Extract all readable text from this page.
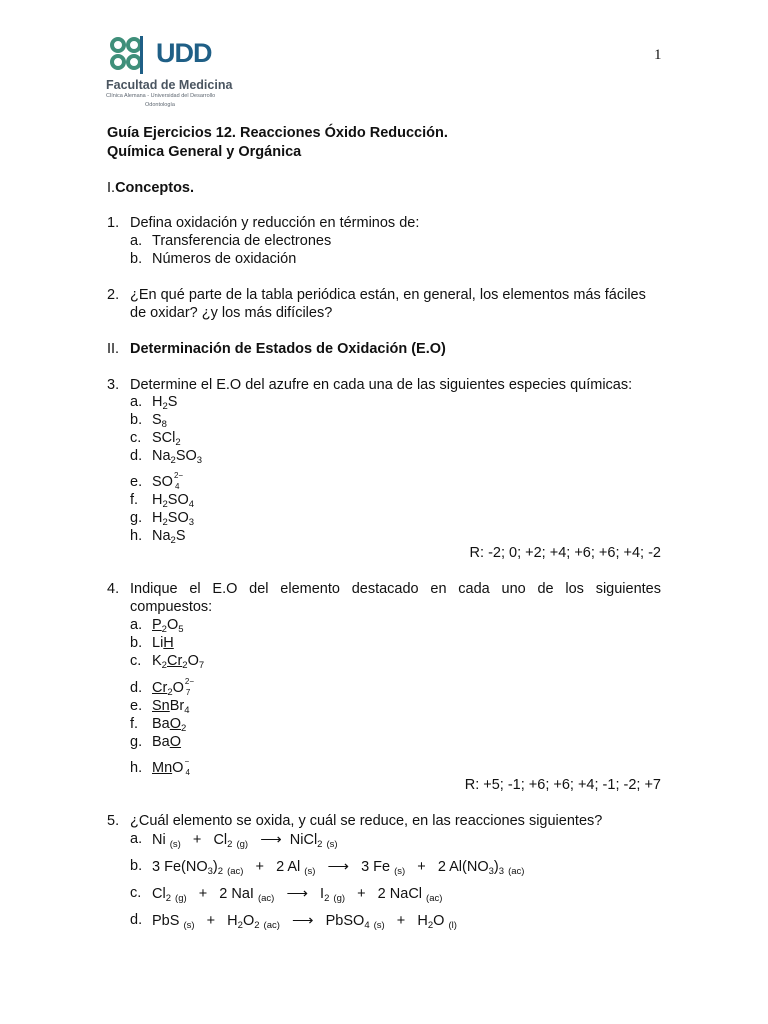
UDD
Facultad de Medicina
Clínica Alemana - Universidad del Desarrollo
Odontología
1
Guía Ejercicios 12. Reacciones Óxido Reducción.
Química General y Orgánica
I.Conceptos.
1. Defina oxidación y reducción en términos de:
a. Transferencia de electrones
b. Números de oxidación
2. ¿En qué parte de la tabla periódica están, en general, los elementos más fáciles
de oxidar? ¿y los más difíciles?
II. Determinación de Estados de Oxidación (E.O)
3. Determine el E.O del azufre en cada una de las siguientes especies químicas:
a. $H_2S$
b. $S_8$
c. SCl$_2$
d. $Na_2SO_3$
e. SO 2−
4
f. $H_2SO_4$
g. $H_2SO_3$
h. $Na_2S$
R: -2; 0; +2; +4; +6; +6; +4; -2
4. Indique el E.O del elemento destacado en cada uno de los siguientes
compuestos:
a. $P_2O_5$
b. LiH
c. $K_2Cr_2O_7$
d. $Cr_2O$ 2−
7
e. SnBr$_4$
f. BaO$_2$
g. BaO
h. MnO −
4
R: +5; -1; +6; +6; +4; -1; -2; +7
5. ¿Cuál elemento se oxida, y cuál se reduce, en las reacciones siguientes?
a. Ni $_{(s)} + Cl_2$ $_{(g)}$ ⟶  NiCl$_2$ $_{(s)}$
b. 3 $Fe(NO_3)_2$ $_{(ac)}$   +   2 Al $_{(s)}$ ⟶   3 Fe $_{(s)}$   +   2 $Al(NO_3)_3$ $_{(ac)}$
c. $Cl_2$ $_{(g)}$   +   2 NaI $_{(ac)}$ ⟶   $I_2$ $_{(g)}$   +   2 NaCl $_{(ac)}$
d. PbS $_{(s)} + H_2O_2$ $_{(ac)}$ ⟶   PbSO$_4$ $_{(s)} + H_2O$ $_{(l)}$
